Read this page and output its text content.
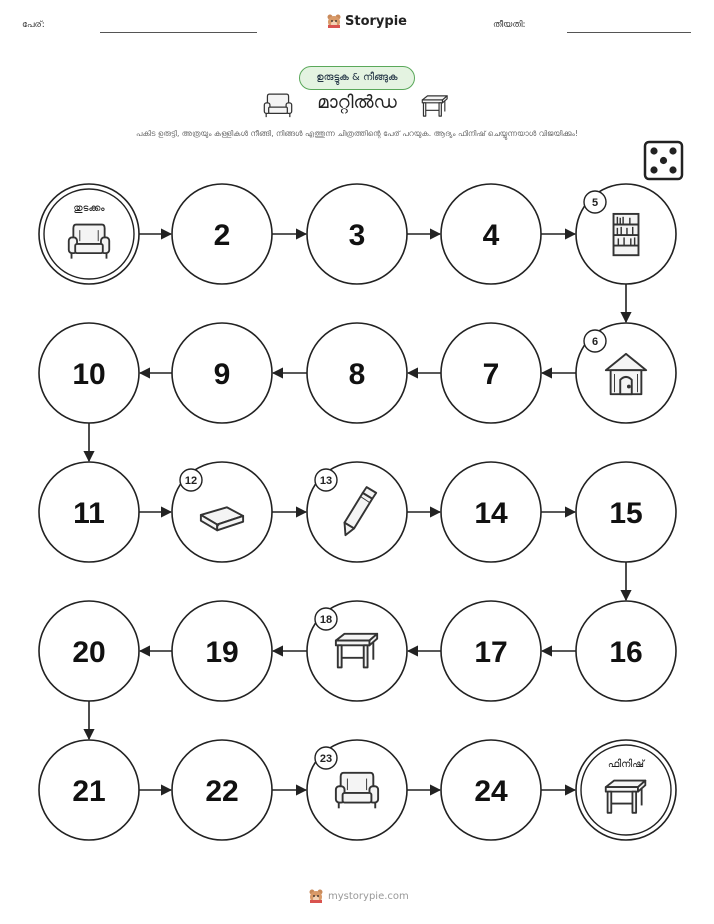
പേര്:	Storypie	തീയതി:
ഉരുട്ടുക & നീങ്ങുക
മാറ്റിൽഡ
പകിട ഉരുട്ടി, അത്രയും കള്ളികൾ നീങ്ങി, നിങ്ങൾ എത്തുന്ന ചിത്രത്തിന്റെ പേര് പറയുക. ആദ്യം ഫിനിഷ് ചെയ്യുന്നയാൾ വിജയിക്കും!
തുടക്കം
2	3	4
5
6
7
8
9
10
11
12	13
14	15
16
17
18
19
20
21	22
23
24
ഫിനിഷ്
mystorypie.com
